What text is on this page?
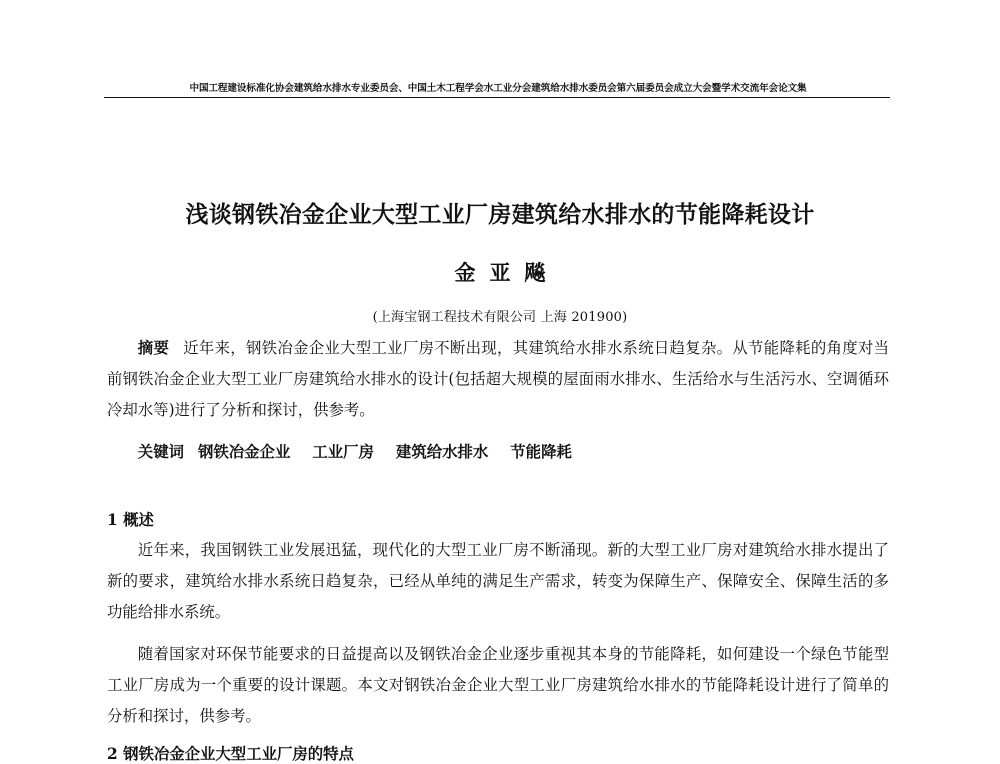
中国工程建设标准化协会建筑给水排水专业委员会、中国土木工程学会水工业分会建筑给水排水委员会第六届委员会成立大会暨学术交流年会论文集
浅谈钢铁冶金企业大型工业厂房建筑给水排水的节能降耗设计
金亚飚
(上海宝钢工程技术有限公司 上海 201900)

摘要 近年来，钢铁冶金企业大型工业厂房不断出现，其建筑给水排水系统日趋复杂。从节能降耗的角度对当前钢铁冶金企业大型工业厂房建筑给水排水的设计(包括超大规模的屋面雨水排水、生活给水与生活污水、空调循环冷却水等)进行了分析和探讨，供参考。

关键词 钢铁冶金企业 工业厂房 建筑给水排水 节能降耗

1 概述

近年来，我国钢铁工业发展迅猛，现代化的大型工业厂房不断涌现。新的大型工业厂房对建筑给水排水提出了新的要求，建筑给水排水系统日趋复杂，已经从单纯的满足生产需求，转变为保障生产、保障安全、保障生活的多功能给排水系统。

随着国家对环保节能要求的日益提高以及钢铁冶金企业逐步重视其本身的节能降耗，如何建设一个绿色节能型工业厂房成为一个重要的设计课题。本文对钢铁冶金企业大型工业厂房建筑给水排水的节能降耗设计进行了简单的分析和探讨，供参考。

2 钢铁冶金企业大型工业厂房的特点
